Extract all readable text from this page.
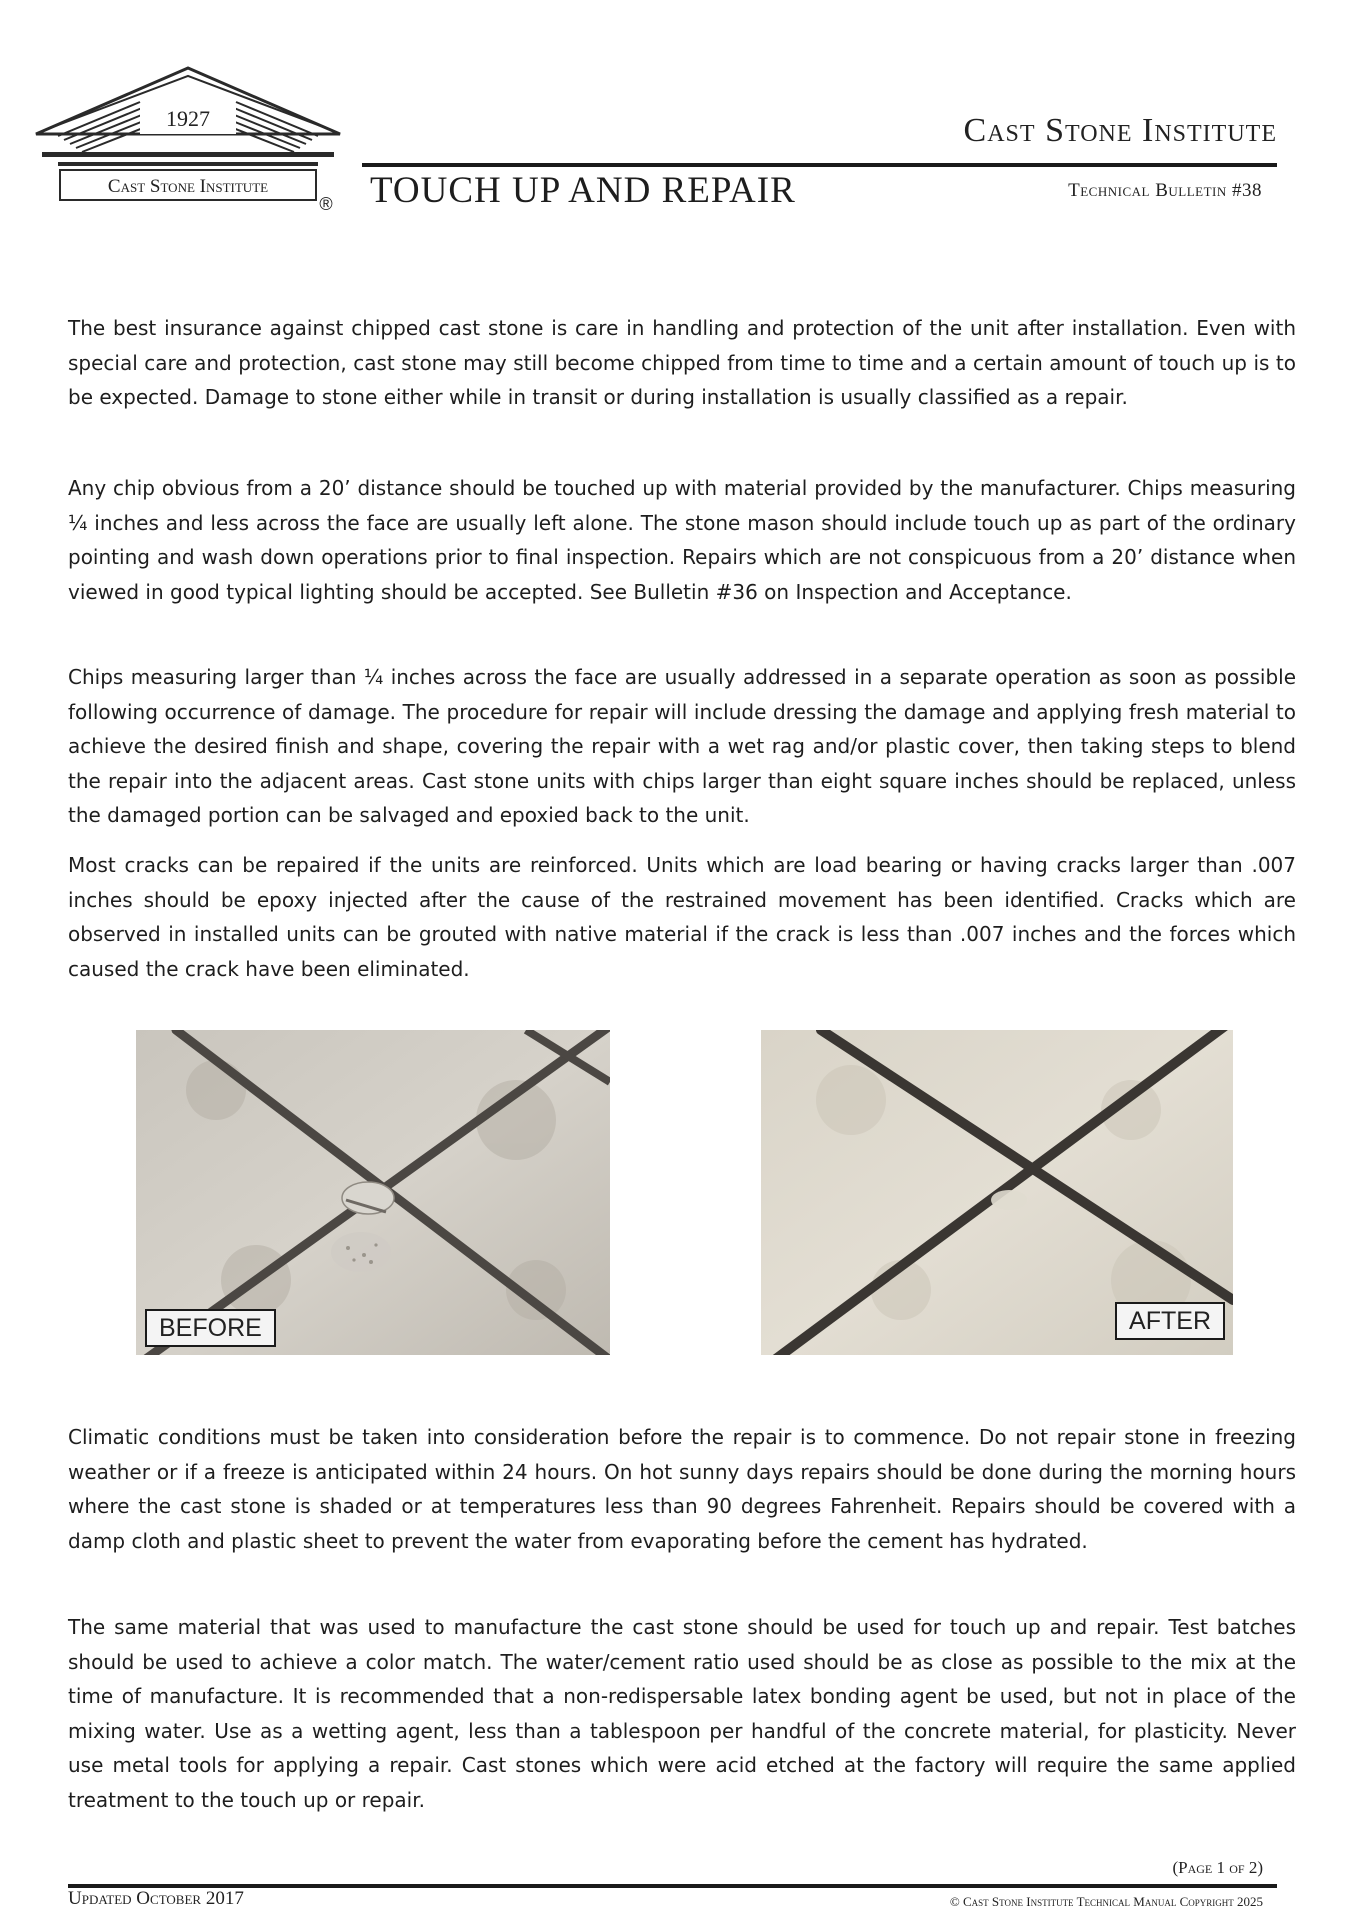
1927
Cast Stone Institute
®
Cast Stone Institute
TOUCH UP AND REPAIR	Technical Bulletin #38

The best insurance against chipped cast stone is care in handling and protection of the unit after installation. Even with special care and protection, cast stone may still become chipped from time to time and a certain amount of touch up is to be expected. Damage to stone either while in transit or during installation is usually classified as a repair.

Any chip obvious from a 20’ distance should be touched up with material provided by the manufacturer. Chips measuring ¼ inches and less across the face are usually left alone. The stone mason should include touch up as part of the ordinary pointing and wash down operations prior to final inspection. Repairs which are not conspicuous from a 20’ distance when viewed in good typical lighting should be accepted. See Bulletin #36 on Inspection and Acceptance.

Chips measuring larger than ¼ inches across the face are usually addressed in a separate operation as soon as possible following occurrence of damage. The procedure for repair will include dressing the damage and applying fresh material to achieve the desired finish and shape, covering the repair with a wet rag and/or plastic cover, then taking steps to blend the repair into the adjacent areas. Cast stone units with chips larger than eight square inches should be replaced, unless the damaged portion can be salvaged and epoxied back to the unit.

Most cracks can be repaired if the units are reinforced. Units which are load bearing or having cracks larger than .007 inches should be epoxy injected after the cause of the restrained movement has been identified. Cracks which are observed in installed units can be grouted with native material if the crack is less than .007 inches and the forces which caused the crack have been eliminated.

BEFORE	AFTER

Climatic conditions must be taken into consideration before the repair is to commence. Do not repair stone in freezing weather or if a freeze is anticipated within 24 hours. On hot sunny days repairs should be done during the morning hours where the cast stone is shaded or at temperatures less than 90 degrees Fahrenheit. Repairs should be covered with a damp cloth and plastic sheet to prevent the water from evaporating before the cement has hydrated.

The same material that was used to manufacture the cast stone should be used for touch up and repair. Test batches should be used to achieve a color match. The water/cement ratio used should be as close as possible to the mix at the time of manufacture. It is recommended that a non-redispersable latex bonding agent be used, but not in place of the mixing water. Use as a wetting agent, less than a tablespoon per handful of the concrete material, for plasticity. Never use metal tools for applying a repair. Cast stones which were acid etched at the factory will require the same applied treatment to the touch up or repair.

(Page 1 of 2)
Updated October 2017	© Cast Stone Institute Technical Manual Copyright 2025
